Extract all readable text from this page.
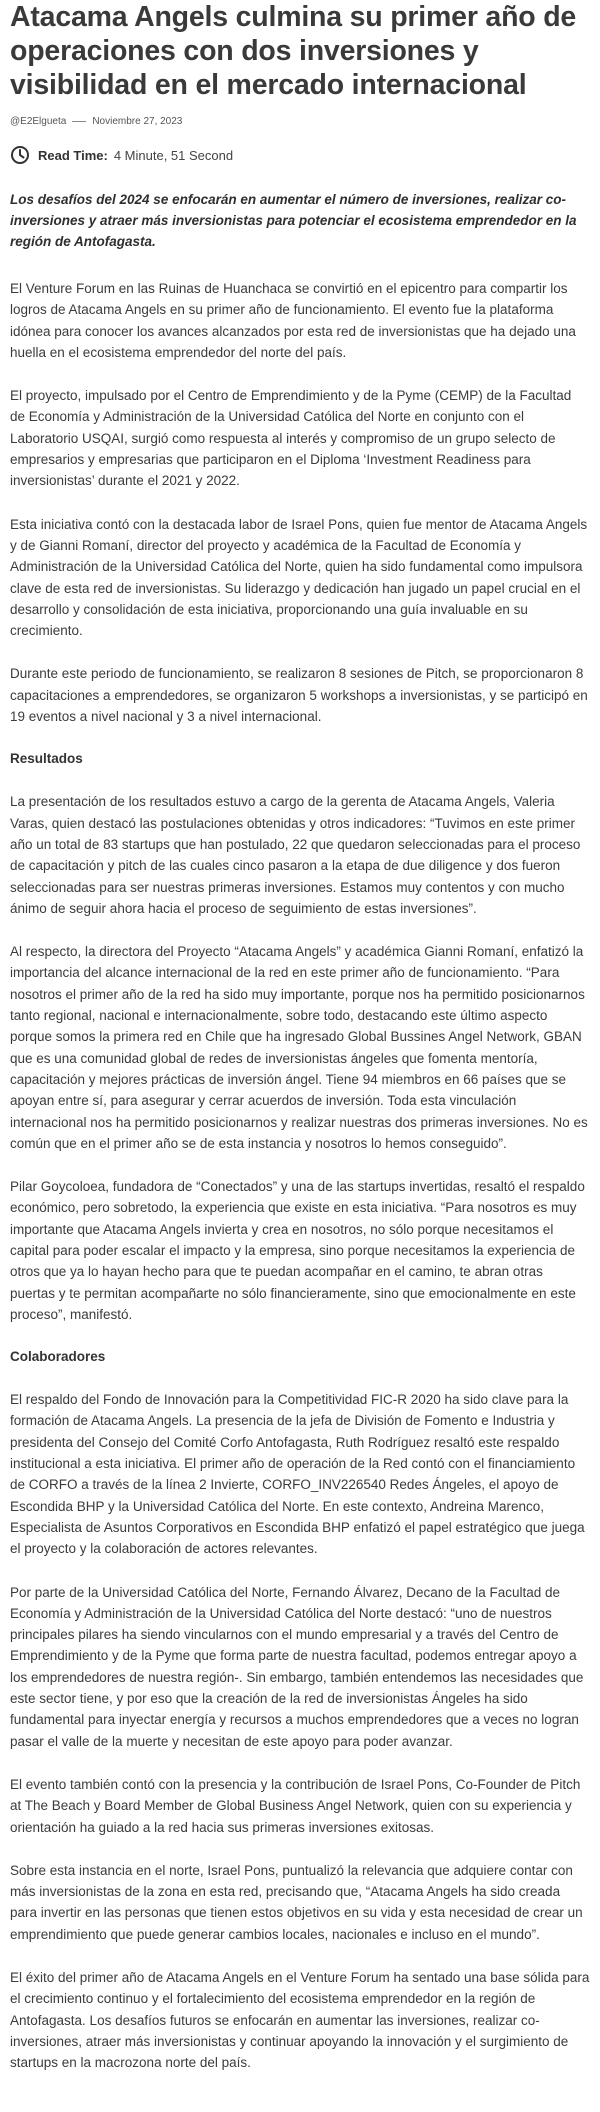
Atacama Angels culmina su primer año de operaciones con dos inversiones y visibilidad en el mercado internacional
@E2Elgueta	Noviembre 27, 2023
Read Time: 4 Minute, 51 Second

Los desafíos del 2024 se enfocarán en aumentar el número de inversiones, realizar co-inversiones y atraer más inversionistas para potenciar el ecosistema emprendedor en la región de Antofagasta.

El Venture Forum en las Ruinas de Huanchaca se convirtió en el epicentro para compartir los logros de Atacama Angels en su primer año de funcionamiento. El evento fue la plataforma idónea para conocer los avances alcanzados por esta red de inversionistas que ha dejado una huella en el ecosistema emprendedor del norte del país.

El proyecto, impulsado por el Centro de Emprendimiento y de la Pyme (CEMP) de la Facultad de Economía y Administración de la Universidad Católica del Norte en conjunto con el Laboratorio USQAI, surgió como respuesta al interés y compromiso de un grupo selecto de empresarios y empresarias que participaron en el Diploma ‘Investment Readiness para inversionistas’ durante el 2021 y 2022.

Esta iniciativa contó con la destacada labor de Israel Pons, quien fue mentor de Atacama Angels y de Gianni Romaní, director del proyecto y académica de la Facultad de Economía y Administración de la Universidad Católica del Norte, quien ha sido fundamental como impulsora clave de esta red de inversionistas. Su liderazgo y dedicación han jugado un papel crucial en el desarrollo y consolidación de esta iniciativa, proporcionando una guía invaluable en su crecimiento.

Durante este periodo de funcionamiento, se realizaron 8 sesiones de Pitch, se proporcionaron 8 capacitaciones a emprendedores, se organizaron 5 workshops a inversionistas, y se participó en 19 eventos a nivel nacional y 3 a nivel internacional.

Resultados

La presentación de los resultados estuvo a cargo de la gerenta de Atacama Angels, Valeria Varas, quien destacó las postulaciones obtenidas y otros indicadores: “Tuvimos en este primer año un total de 83 startups que han postulado, 22 que quedaron seleccionadas para el proceso de capacitación y pitch de las cuales cinco pasaron a la etapa de due diligence y dos fueron seleccionadas para ser nuestras primeras inversiones. Estamos muy contentos y con mucho ánimo de seguir ahora hacia el proceso de seguimiento de estas inversiones”.

Al respecto, la directora del Proyecto “Atacama Angels” y académica Gianni Romaní, enfatizó la importancia del alcance internacional de la red en este primer año de funcionamiento. “Para nosotros el primer año de la red ha sido muy importante, porque nos ha permitido posicionarnos tanto regional, nacional e internacionalmente, sobre todo, destacando este último aspecto porque somos la primera red en Chile que ha ingresado Global Bussines Angel Network, GBAN que es una comunidad global de redes de inversionistas ángeles que fomenta mentoría, capacitación y mejores prácticas de inversión ángel. Tiene 94 miembros en 66 países que se apoyan entre sí, para asegurar y cerrar acuerdos de inversión. Toda esta vinculación internacional nos ha permitido posicionarnos y realizar nuestras dos primeras inversiones. No es común que en el primer año se de esta instancia y nosotros lo hemos conseguido”.

Pilar Goycoloea, fundadora de “Conectados” y una de las startups invertidas, resaltó el respaldo económico, pero sobretodo, la experiencia que existe en esta iniciativa. “Para nosotros es muy importante que Atacama Angels invierta y crea en nosotros, no sólo porque necesitamos el capital para poder escalar el impacto y la empresa, sino porque necesitamos la experiencia de otros que ya lo hayan hecho para que te puedan acompañar en el camino, te abran otras puertas y te permitan acompañarte no sólo financieramente, sino que emocionalmente en este proceso”, manifestó.

Colaboradores

El respaldo del Fondo de Innovación para la Competitividad FIC-R 2020 ha sido clave para la formación de Atacama Angels. La presencia de la jefa de División de Fomento e Industria y presidenta del Consejo del Comité Corfo Antofagasta, Ruth Rodríguez resaltó este respaldo institucional a esta iniciativa. El primer año de operación de la Red contó con el financiamiento de CORFO a través de la línea 2 Invierte, CORFO_INV226540 Redes Ángeles, el apoyo de Escondida BHP y la Universidad Católica del Norte. En este contexto, Andreina Marenco, Especialista de Asuntos Corporativos en Escondida BHP enfatizó el papel estratégico que juega el proyecto y la colaboración de actores relevantes.

Por parte de la Universidad Católica del Norte, Fernando Álvarez, Decano de la Facultad de Economía y Administración de la Universidad Católica del Norte destacó: “uno de nuestros principales pilares ha siendo vincularnos con el mundo empresarial y a través del Centro de Emprendimiento y de la Pyme que forma parte de nuestra facultad, podemos entregar apoyo a los emprendedores de nuestra región-. Sin embargo, también entendemos las necesidades que este sector tiene, y por eso que la creación de la red de inversionistas Ángeles ha sido fundamental para inyectar energía y recursos a muchos emprendedores que a veces no logran pasar el valle de la muerte y necesitan de este apoyo para poder avanzar.

El evento también contó con la presencia y la contribución de Israel Pons, Co-Founder de Pitch at The Beach y Board Member de Global Business Angel Network, quien con su experiencia y orientación ha guiado a la red hacia sus primeras inversiones exitosas.

Sobre esta instancia en el norte, Israel Pons, puntualizó la relevancia que adquiere contar con más inversionistas de la zona en esta red, precisando que, “Atacama Angels ha sido creada para invertir en las personas que tienen estos objetivos en su vida y esta necesidad de crear un emprendimiento que puede generar cambios locales, nacionales e incluso en el mundo”.

El éxito del primer año de Atacama Angels en el Venture Forum ha sentado una base sólida para el crecimiento continuo y el fortalecimiento del ecosistema emprendedor en la región de Antofagasta. Los desafíos futuros se enfocarán en aumentar las inversiones, realizar co-inversiones, atraer más inversionistas y continuar apoyando la innovación y el surgimiento de startups en la macrozona norte del país.
